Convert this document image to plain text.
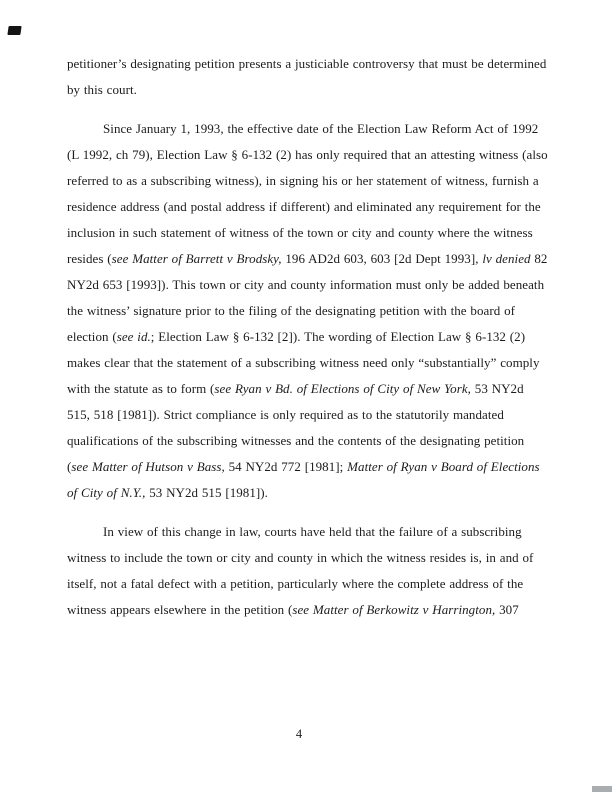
petitioner’s designating petition presents a justiciable controversy that must be determined by this court.

Since January 1, 1993, the effective date of the Election Law Reform Act of 1992 (L 1992, ch 79), Election Law § 6-132 (2) has only required that an attesting witness (also referred to as a subscribing witness), in signing his or her statement of witness, furnish a residence address (and postal address if different) and eliminated any requirement for the inclusion in such statement of witness of the town or city and county where the witness resides (see Matter of Barrett v Brodsky, 196 AD2d 603, 603 [2d Dept 1993], lv denied 82 NY2d 653 [1993]). This town or city and county information must only be added beneath the witness’ signature prior to the filing of the designating petition with the board of election (see id.; Election Law § 6-132 [2]). The wording of Election Law § 6-132 (2) makes clear that the statement of a subscribing witness need only “substantially” comply with the statute as to form (see Ryan v Bd. of Elections of City of New York, 53 NY2d 515, 518 [1981]). Strict compliance is only required as to the statutorily mandated qualifications of the subscribing witnesses and the contents of the designating petition (see Matter of Hutson v Bass, 54 NY2d 772 [1981]; Matter of Ryan v Board of Elections of City of N.Y., 53 NY2d 515 [1981]).

In view of this change in law, courts have held that the failure of a subscribing witness to include the town or city and county in which the witness resides is, in and of itself, not a fatal defect with a petition, particularly where the complete address of the witness appears elsewhere in the petition (see Matter of Berkowitz v Harrington, 307

4
